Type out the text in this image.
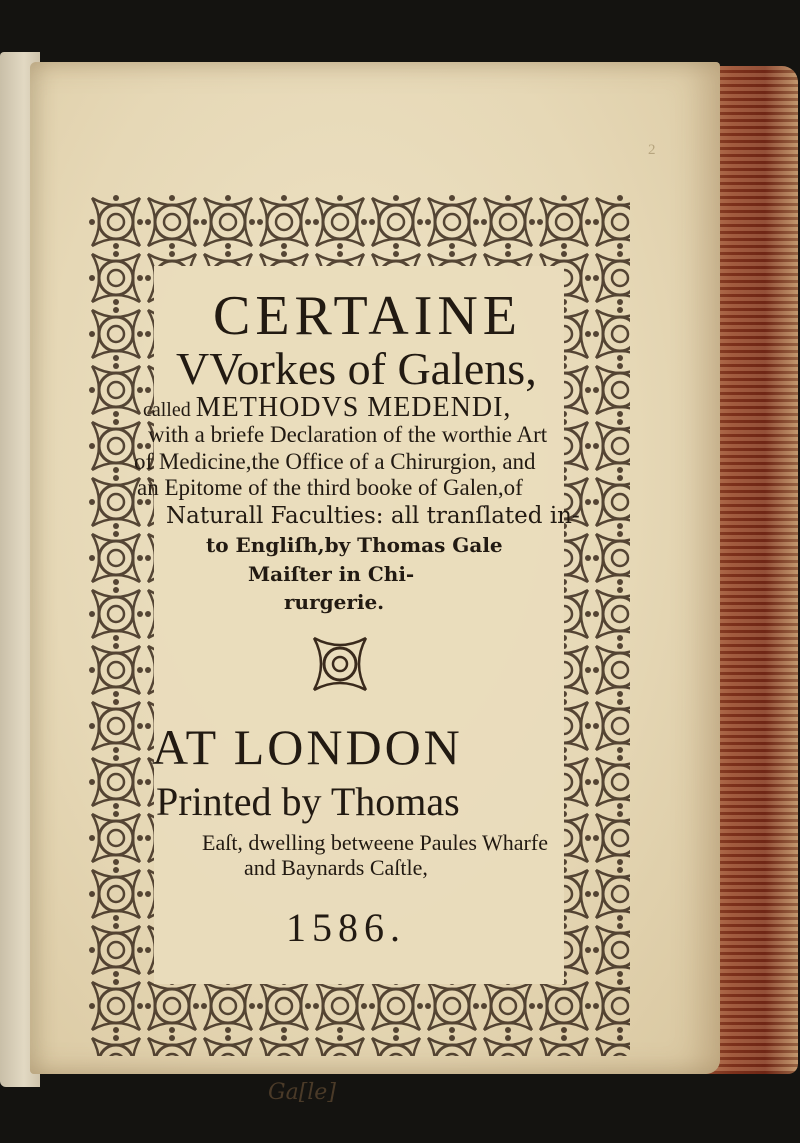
2
CERTAINE
VVorkes of Galens,
called METHODVS MEDENDI,
with a briefe Declaration of the worthie Art
of Medicine,the Office of a Chirurgion, and
an Epitome of the third booke of Galen,of
Naturall Faculties: all tranſlated in-
to Engliſh,by Thomas Gale
Maiſter in Chi-
rurgerie.
AT LONDON
Printed by Thomas
Eaſt, dwelling betweene Paules Wharfe
and Baynards Caſtle,
1586.
Ga[le]
